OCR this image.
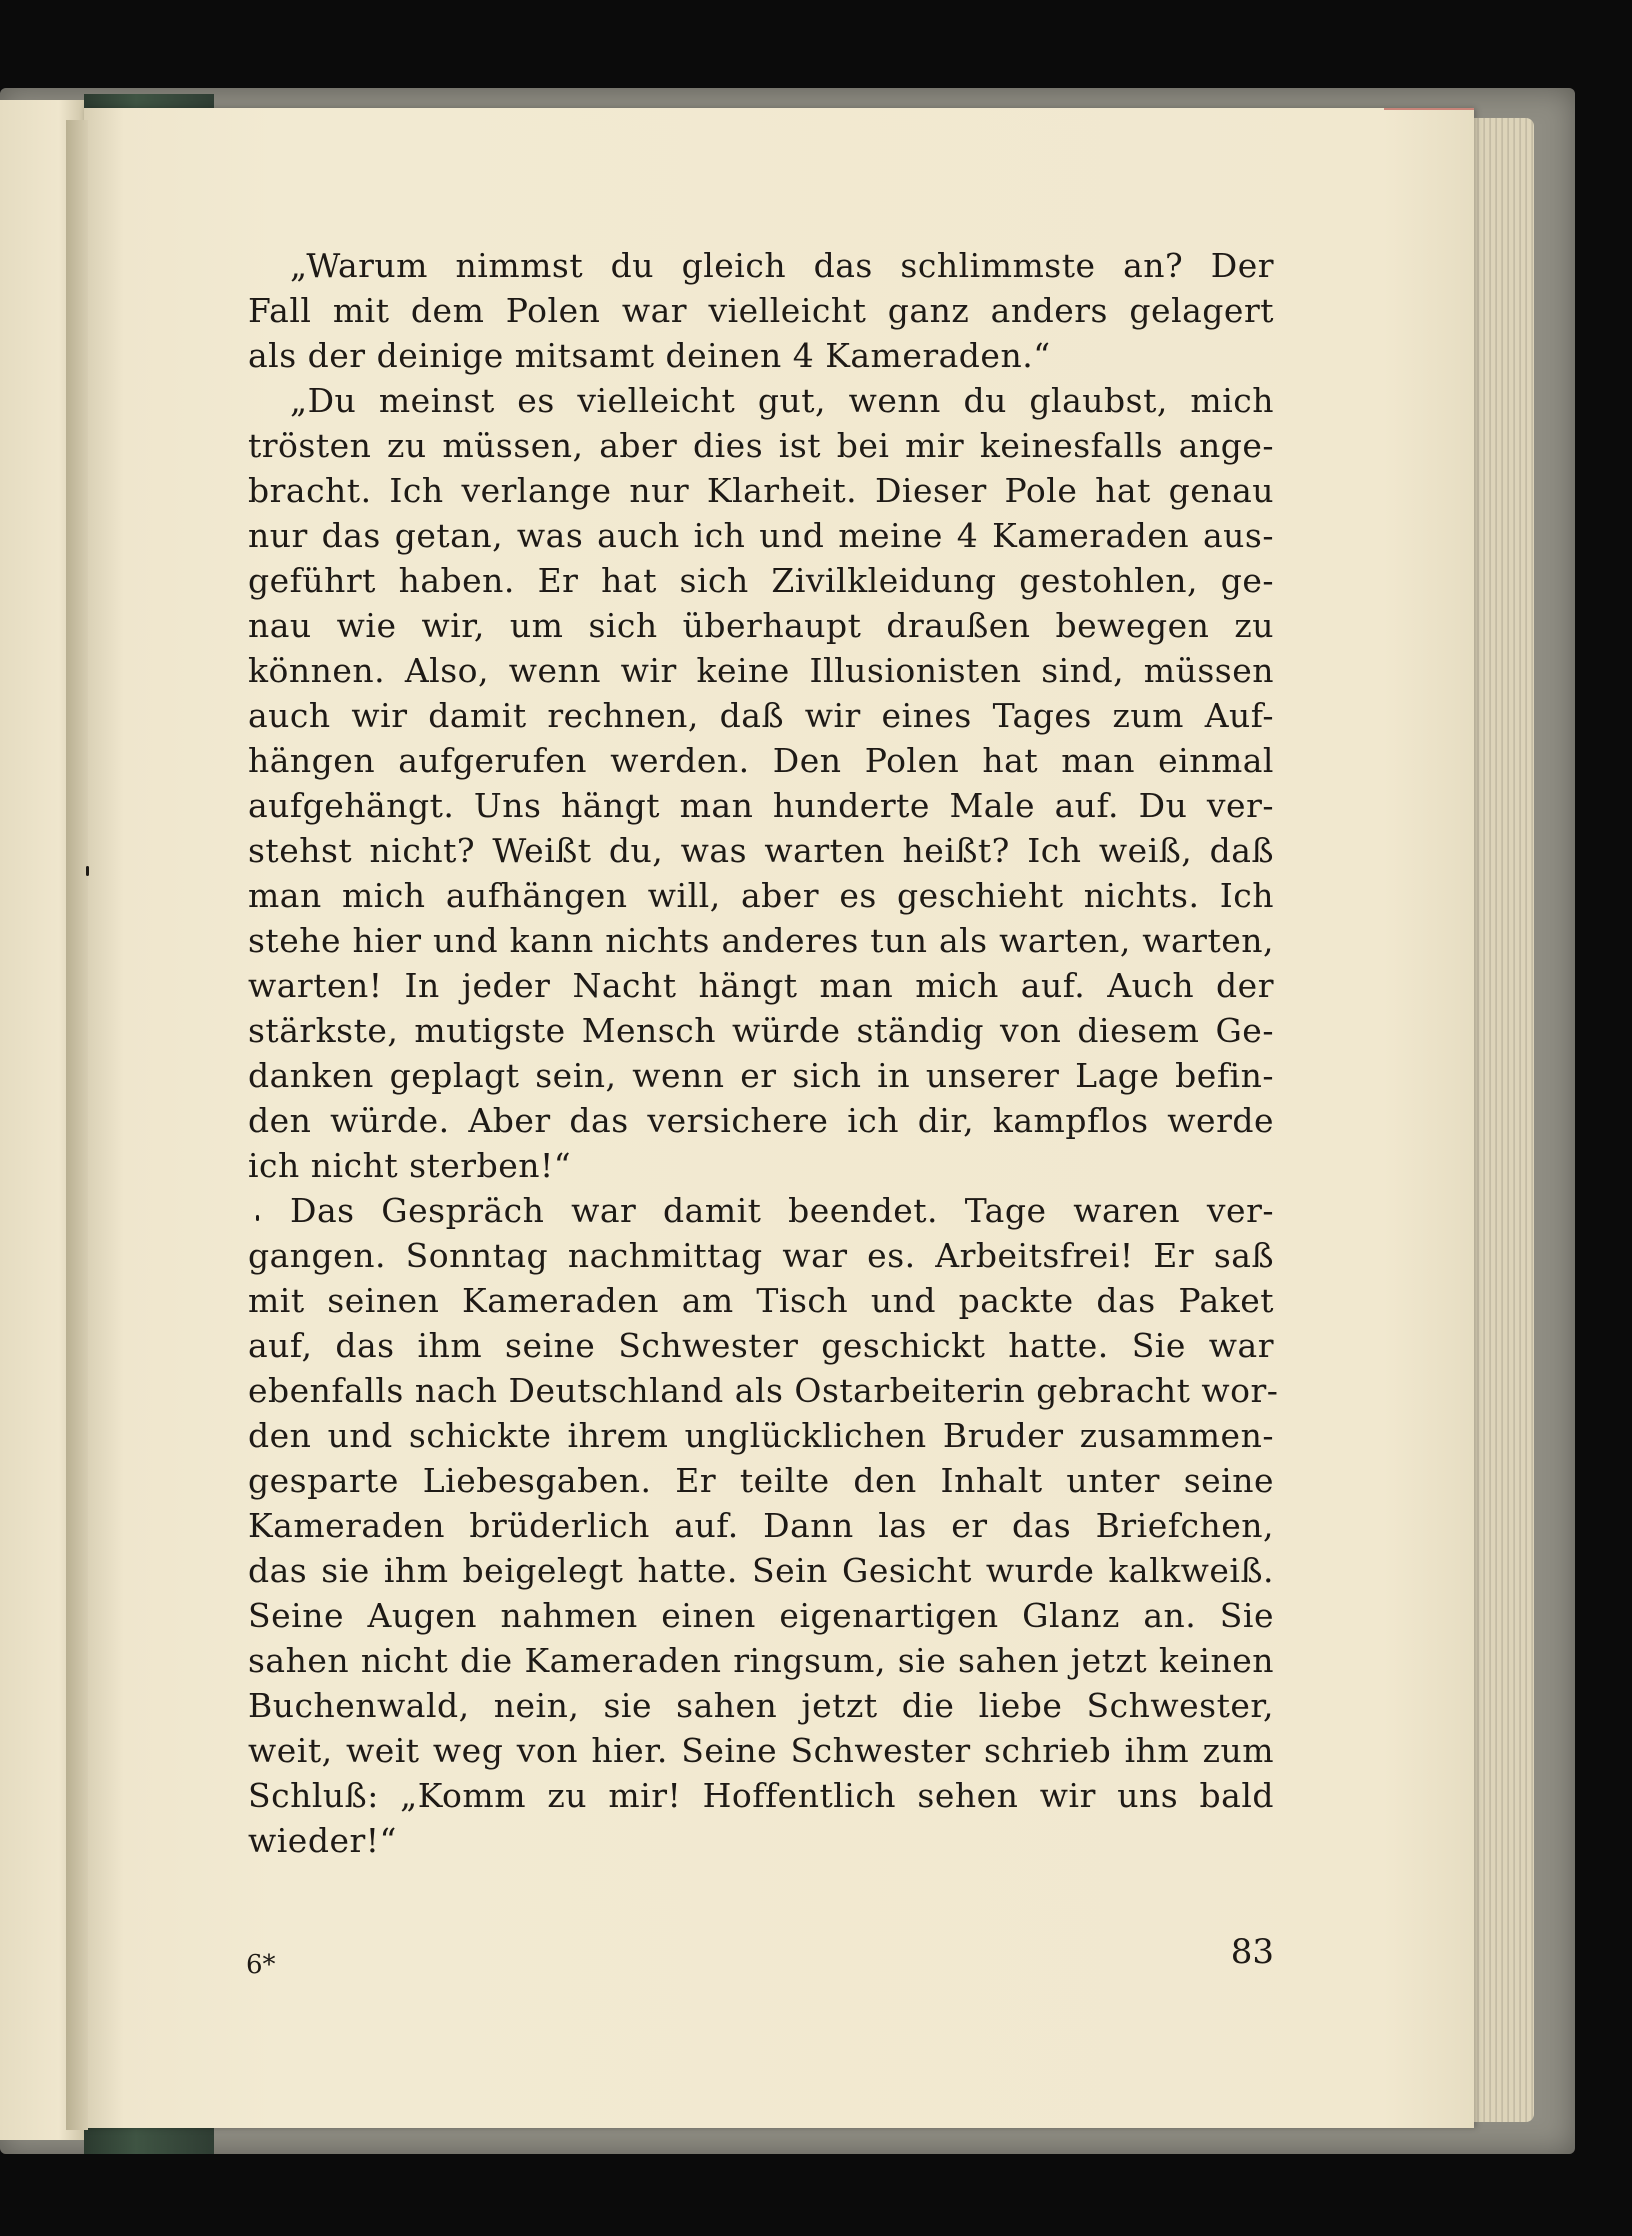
„Warum nimmst du gleich das schlimmste an? Der
Fall mit dem Polen war vielleicht ganz anders gelagert
als der deinige mitsamt deinen 4 Kameraden.“
„Du meinst es vielleicht gut, wenn du glaubst, mich
trösten zu müssen, aber dies ist bei mir keinesfalls ange-
bracht. Ich verlange nur Klarheit. Dieser Pole hat genau
nur das getan, was auch ich und meine 4 Kameraden aus-
geführt haben. Er hat sich Zivilkleidung gestohlen, ge-
nau wie wir, um sich überhaupt draußen bewegen zu
können. Also, wenn wir keine Illusionisten sind, müssen
auch wir damit rechnen, daß wir eines Tages zum Auf-
hängen aufgerufen werden. Den Polen hat man einmal
aufgehängt. Uns hängt man hunderte Male auf. Du ver-
stehst nicht? Weißt du, was warten heißt? Ich weiß, daß
man mich aufhängen will, aber es geschieht nichts. Ich
stehe hier und kann nichts anderes tun als warten, warten,
warten! In jeder Nacht hängt man mich auf. Auch der
stärkste, mutigste Mensch würde ständig von diesem Ge-
danken geplagt sein, wenn er sich in unserer Lage befin-
den würde. Aber das versichere ich dir, kampflos werde
ich nicht sterben!“
Das Gespräch war damit beendet. Tage waren ver-
gangen. Sonntag nachmittag war es. Arbeitsfrei! Er saß
mit seinen Kameraden am Tisch und packte das Paket
auf, das ihm seine Schwester geschickt hatte. Sie war
ebenfalls nach Deutschland als Ostarbeiterin gebracht wor-
den und schickte ihrem unglücklichen Bruder zusammen-
gesparte Liebesgaben. Er teilte den Inhalt unter seine
Kameraden brüderlich auf. Dann las er das Briefchen,
das sie ihm beigelegt hatte. Sein Gesicht wurde kalkweiß.
Seine Augen nahmen einen eigenartigen Glanz an. Sie
sahen nicht die Kameraden ringsum, sie sahen jetzt keinen
Buchenwald, nein, sie sahen jetzt die liebe Schwester,
weit, weit weg von hier. Seine Schwester schrieb ihm zum
Schluß: „Komm zu mir! Hoffentlich sehen wir uns bald
wieder!“
6*	83
